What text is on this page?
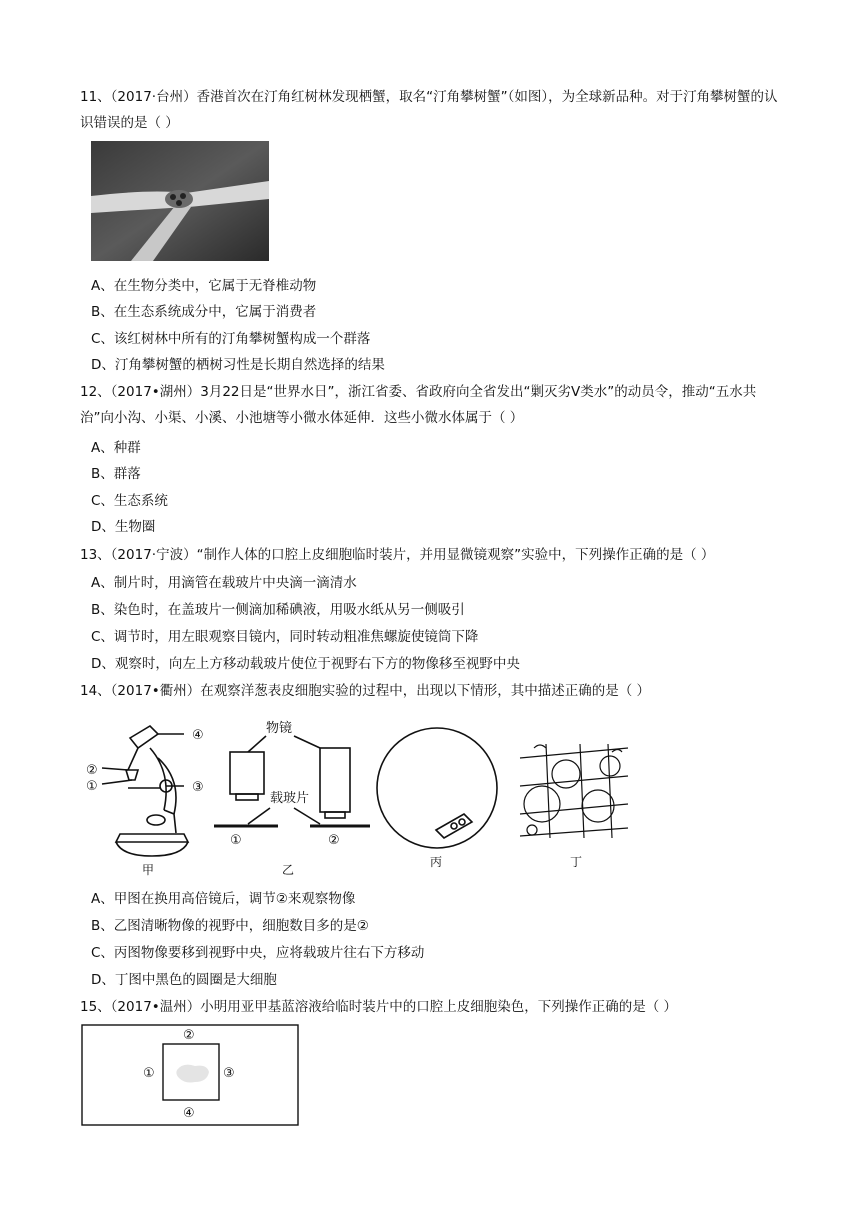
11、（2017·台州）香港首次在汀角红树林发现栖蟹，取名“汀角攀树蟹”（如图），为全球新品种。对于汀角攀树蟹的认识错误的是（ ）
A、在生物分类中，它属于无脊椎动物
B、在生态系统成分中，它属于消费者
C、该红树林中所有的汀角攀树蟹构成一个群落
D、汀角攀树蟹的栖树习性是长期自然选择的结果
12、（2017•湖州）3月22日是“世界水日”，浙江省委、省政府向全省发出“剿灭劣Ⅴ类水”的动员令，推动“五水共治”向小沟、小渠、小溪、小池塘等小微水体延伸．这些小微水体属于（ ）
A、种群
B、群落
C、生态系统
D、生物圈
13、（2017·宁波）“制作人体的口腔上皮细胞临时装片，并用显微镜观察”实验中，下列操作正确的是（ ）
A、制片时，用滴管在载玻片中央滴一滴清水
B、染色时，在盖玻片一侧滴加稀碘液，用吸水纸从另一侧吸引
C、调节时，用左眼观察目镜内，同时转动粗准焦螺旋使镜筒下降
D、观察时，向左上方移动载玻片使位于视野右下方的物像移至视野中央
14、（2017•衢州）在观察洋葱表皮细胞实验的过程中，出现以下情形，其中描述正确的是（ ）
④
②
③
①
甲
物镜
载玻片
①	②
乙
丙	丁
A、甲图在换用高倍镜后，调节②来观察物像
B、乙图清晰物像的视野中，细胞数目多的是②
C、丙图物像要移到视野中央，应将载玻片往右下方移动
D、丁图中黑色的圆圈是大细胞
15、（2017•温州）小明用亚甲基蓝溶液给临时装片中的口腔上皮细胞染色，下列操作正确的是（ ）
②
①	③
④
